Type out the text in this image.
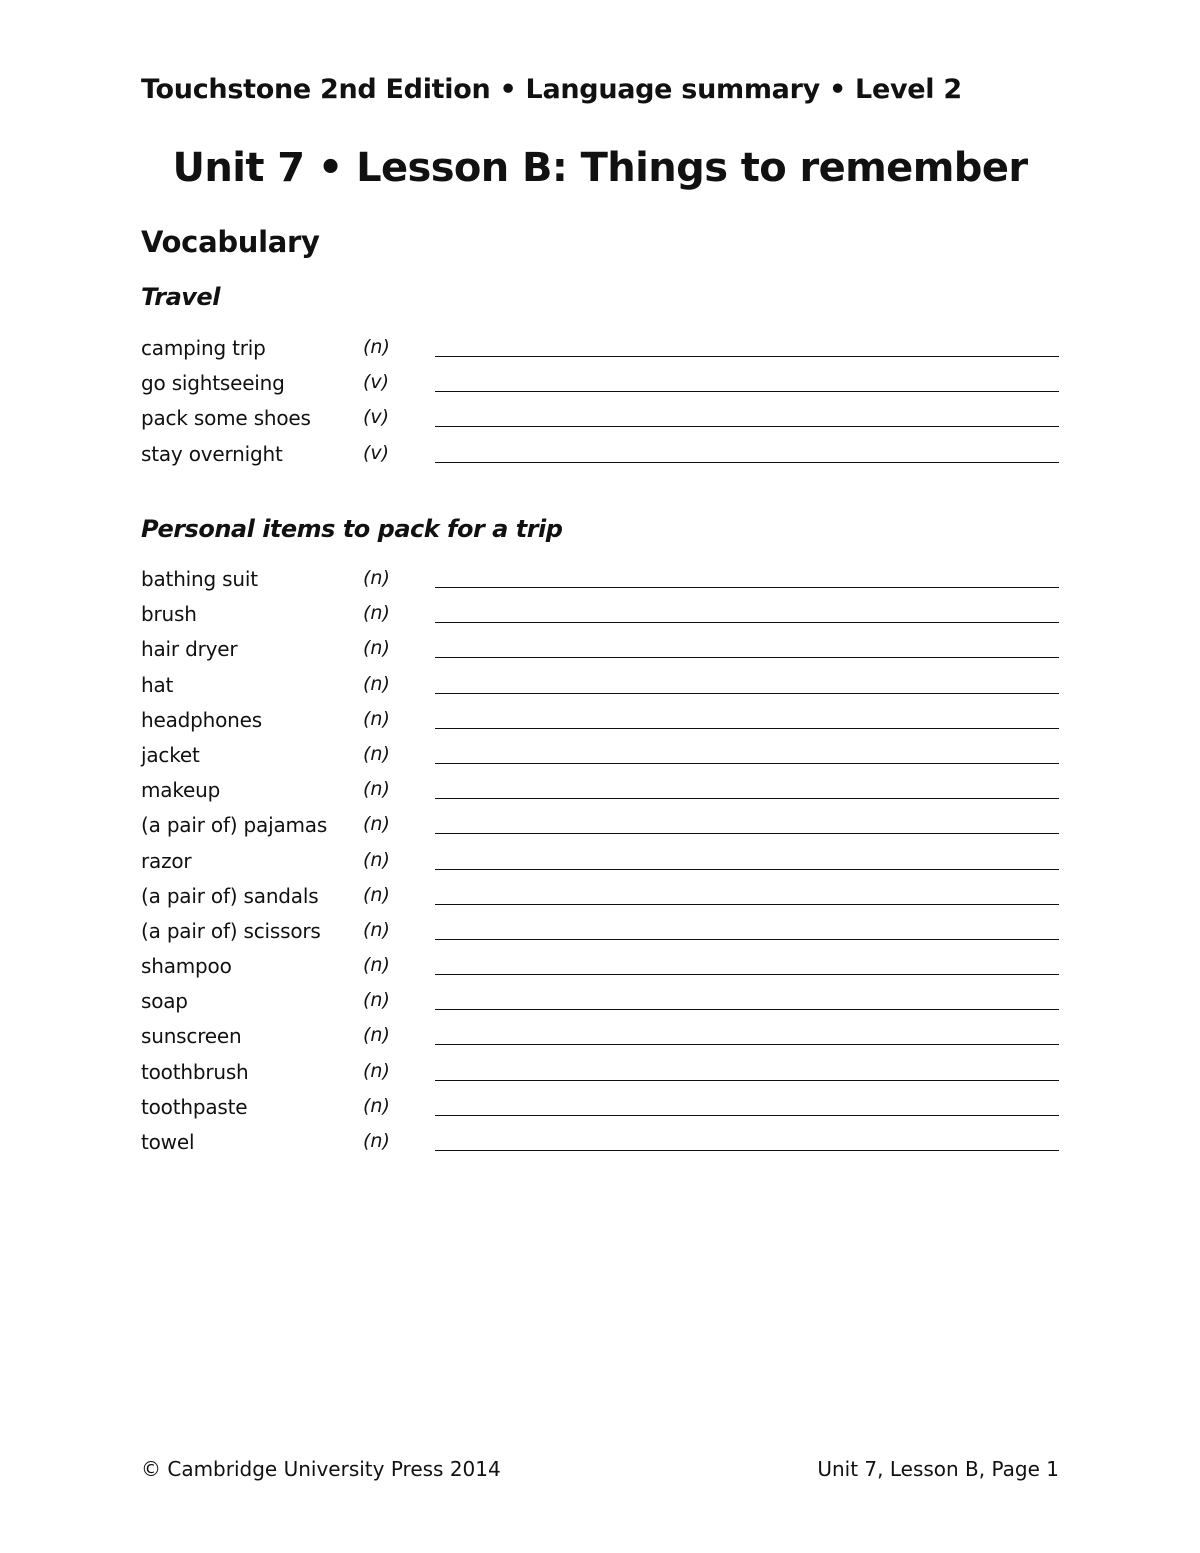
Touchstone 2nd Edition • Language summary • Level 2
Unit 7 • Lesson B: Things to remember
Vocabulary
Travel
camping trip	(n)
go sightseeing	(v)
pack some shoes	(v)
stay overnight	(v)
Personal items to pack for a trip
bathing suit	(n)
brush	(n)
hair dryer	(n)
hat	(n)
headphones	(n)
jacket	(n)
makeup	(n)
(a pair of) pajamas (n)
razor	(n)
(a pair of) sandals (n)
(a pair of) scissors (n)
shampoo	(n)
soap	(n)
sunscreen	(n)
toothbrush	(n)
toothpaste	(n)
towel	(n)
© Cambridge University Press 2014	Unit 7, Lesson B, Page 1
